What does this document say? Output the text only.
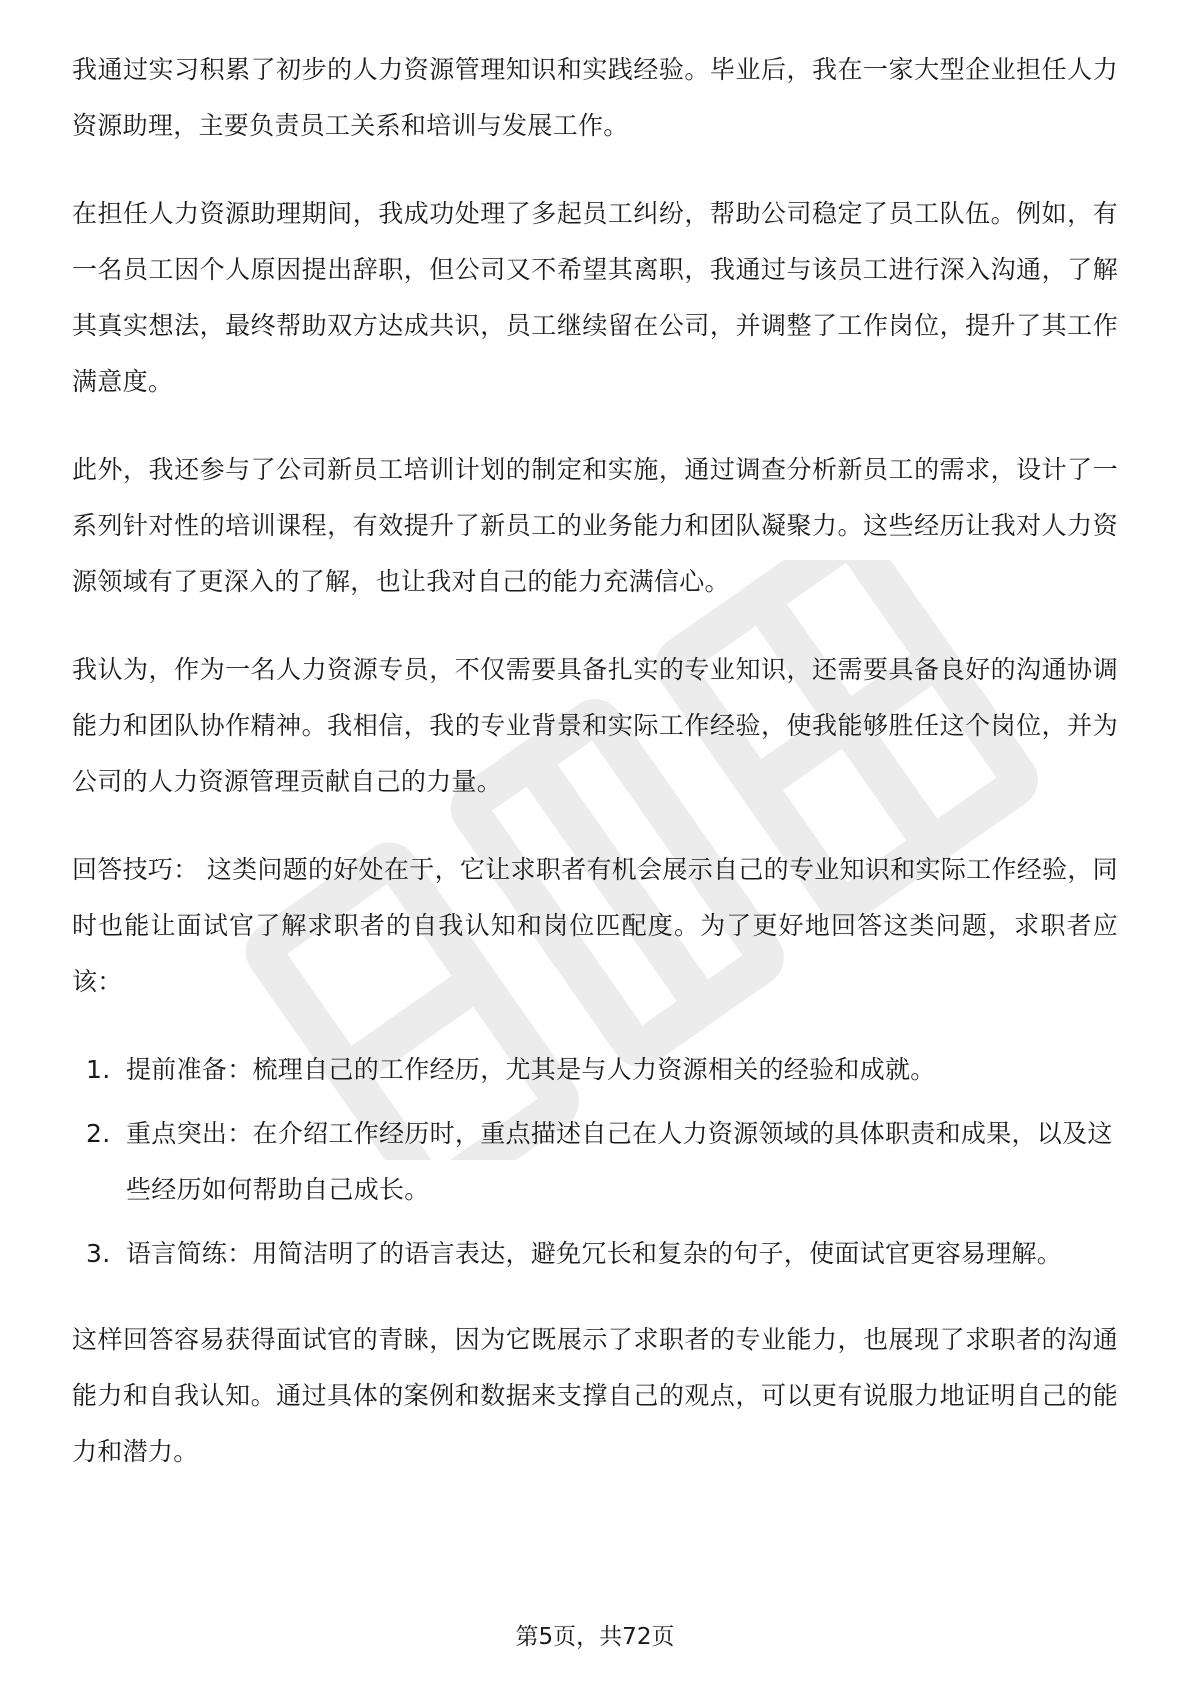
我通过实习积累了初步的人力资源管理知识和实践经验。毕业后，我在一家大型企业担任人力资源助理，主要负责员工关系和培训与发展工作。

在担任人力资源助理期间，我成功处理了多起员工纠纷，帮助公司稳定了员工队伍。例如，有一名员工因个人原因提出辞职，但公司又不希望其离职，我通过与该员工进行深入沟通，了解其真实想法，最终帮助双方达成共识，员工继续留在公司，并调整了工作岗位，提升了其工作满意度。

此外，我还参与了公司新员工培训计划的制定和实施，通过调查分析新员工的需求，设计了一系列针对性的培训课程，有效提升了新员工的业务能力和团队凝聚力。这些经历让我对人力资源领域有了更深入的了解，也让我对自己的能力充满信心。

我认为，作为一名人力资源专员，不仅需要具备扎实的专业知识，还需要具备良好的沟通协调能力和团队协作精神。我相信，我的专业背景和实际工作经验，使我能够胜任这个岗位，并为公司的人力资源管理贡献自己的力量。

回答技巧： 这类问题的好处在于，它让求职者有机会展示自己的专业知识和实际工作经验，同时也能让面试官了解求职者的自我认知和岗位匹配度。为了更好地回答这类问题，求职者应该：

1. 提前准备：梳理自己的工作经历，尤其是与人力资源相关的经验和成就。
2. 重点突出：在介绍工作经历时，重点描述自己在人力资源领域的具体职责和成果，以及这些经历如何帮助自己成长。
3. 语言简练：用简洁明了的语言表达，避免冗长和复杂的句子，使面试官更容易理解。

这样回答容易获得面试官的青睐，因为它既展示了求职者的专业能力，也展现了求职者的沟通能力和自我认知。通过具体的案例和数据来支撑自己的观点，可以更有说服力地证明自己的能力和潜力。

第5页，共72页
